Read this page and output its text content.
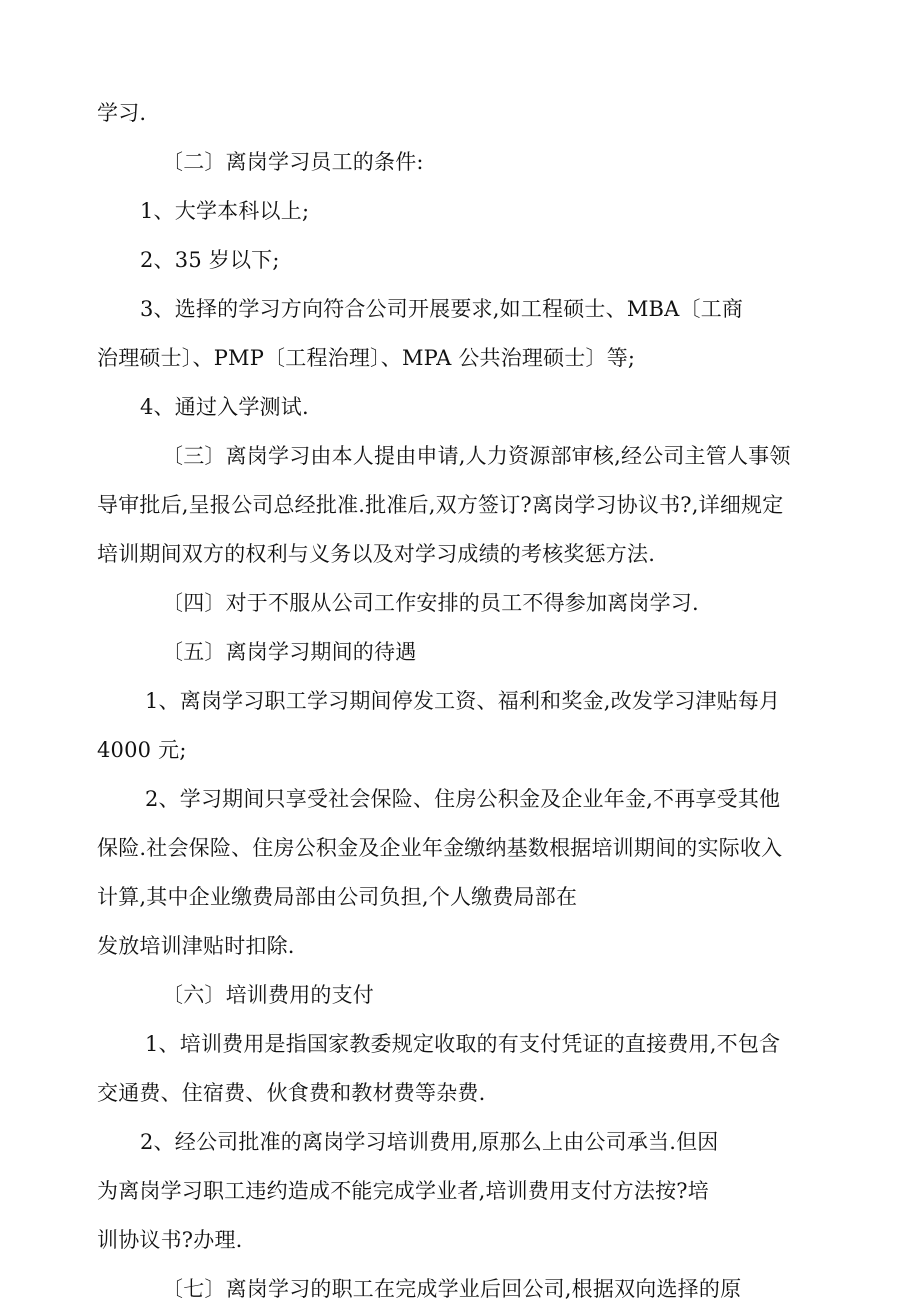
学习.
〔二〕离岗学习员工的条件:
1、大学本科以上;
2、35 岁以下;
3、选择的学习方向符合公司开展要求,如工程硕士、MBA〔工商
治理硕士〕、PMP〔工程治理〕、MPA 公共治理硕士〕等;
4、通过入学测试.
〔三〕离岗学习由本人提由申请,人力资源部审核,经公司主管人事领
导审批后,呈报公司总经批准.批准后,双方签订?离岗学习协议书?,详细规定
培训期间双方的权利与义务以及对学习成绩的考核奖惩方法.
〔四〕对于不服从公司工作安排的员工不得参加离岗学习.
〔五〕离岗学习期间的待遇
1、离岗学习职工学习期间停发工资、福利和奖金,改发学习津贴每月
4000 元;
2、学习期间只享受社会保险、住房公积金及企业年金,不再享受其他
保险.社会保险、住房公积金及企业年金缴纳基数根据培训期间的实际收入
计算,其中企业缴费局部由公司负担,个人缴费局部在
发放培训津贴时扣除.
〔六〕培训费用的支付
1、培训费用是指国家教委规定收取的有支付凭证的直接费用,不包含
交通费、住宿费、伙食费和教材费等杂费.
2、经公司批准的离岗学习培训费用,原那么上由公司承当.但因
为离岗学习职工违约造成不能完成学业者,培训费用支付方法按?培
训协议书?办理.
〔七〕离岗学习的职工在完成学业后回公司,根据双向选择的原
